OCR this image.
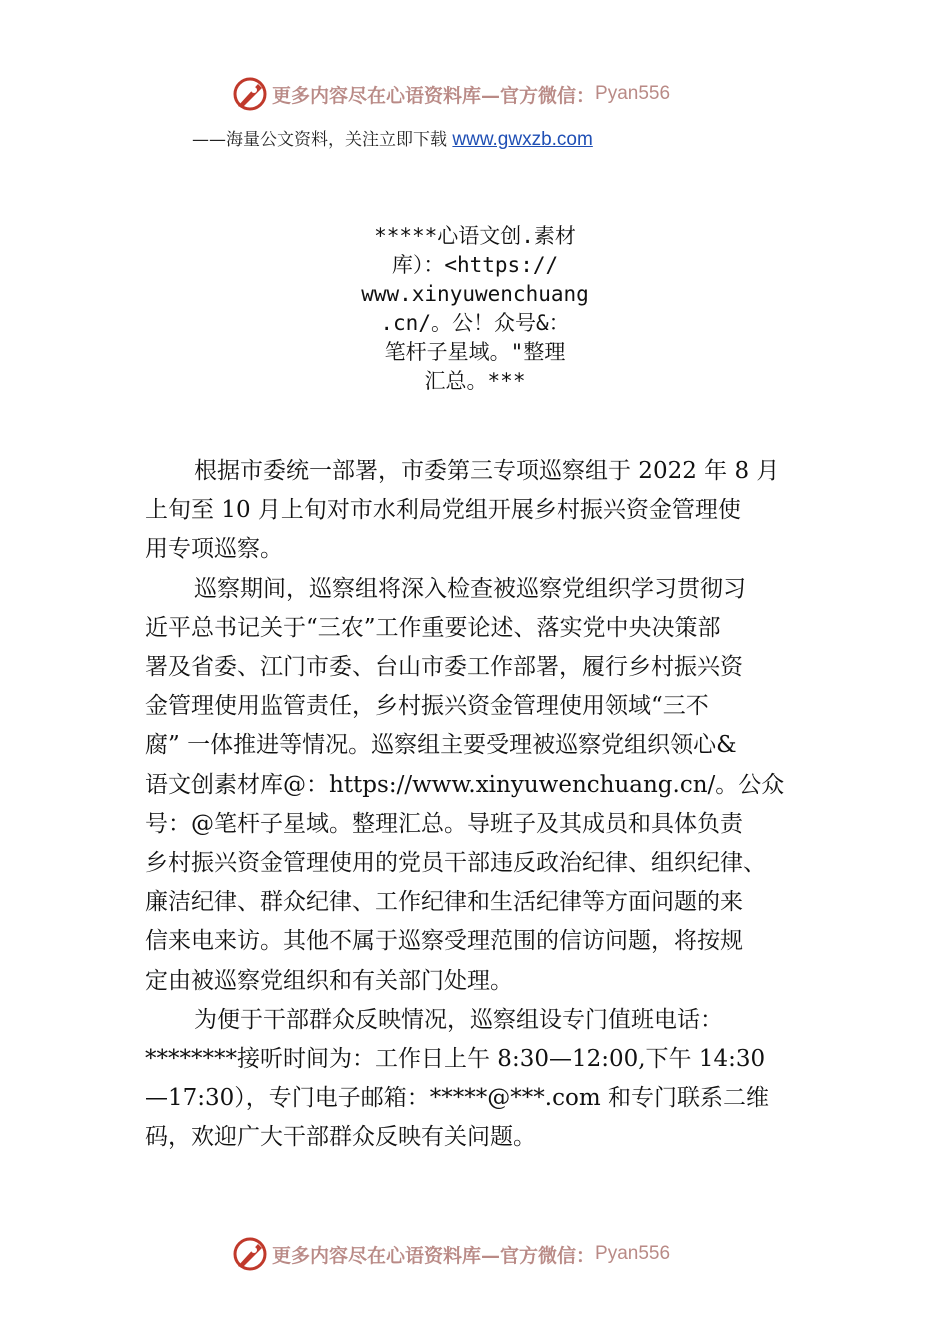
更多内容尽在心语资料库—官方微信： Pyan556
——海量公文资料，关注立即下载 www.gwxzb.com
*****心语文创.素材
库）：<https://
www.xinyuwenchuang
.cn/。公！众号&：
笔杆子星域。"整理
汇总。***
根据市委统一部署，市委第三专项巡察组于 2022 年 8 月
上旬至 10 月上旬对市水利局党组开展乡村振兴资金管理使
用专项巡察。
巡察期间，巡察组将深入检查被巡察党组织学习贯彻习
近平总书记关于“三农”工作重要论述、落实党中央决策部
署及省委、江门市委、台山市委工作部署，履行乡村振兴资
金管理使用监管责任，乡村振兴资金管理使用领域“三不
腐” 一体推进等情况。巡察组主要受理被巡察党组织领心&
语文创素材库@：https://www.xinyuwenchuang.cn/。公众
号：@笔杆子星域。整理汇总。导班子及其成员和具体负责
乡村振兴资金管理使用的党员干部违反政治纪律、组织纪律、
廉洁纪律、群众纪律、工作纪律和生活纪律等方面问题的来
信来电来访。其他不属于巡察受理范围的信访问题，将按规
定由被巡察党组织和有关部门处理。
为便于干部群众反映情况，巡察组设专门值班电话：
********接听时间为：工作日上午 8:30—12:00,下午 14:30
—17:30），专门电子邮箱：*****@***.com 和专门联系二维
码，欢迎广大干部群众反映有关问题。
更多内容尽在心语资料库—官方微信： Pyan556
